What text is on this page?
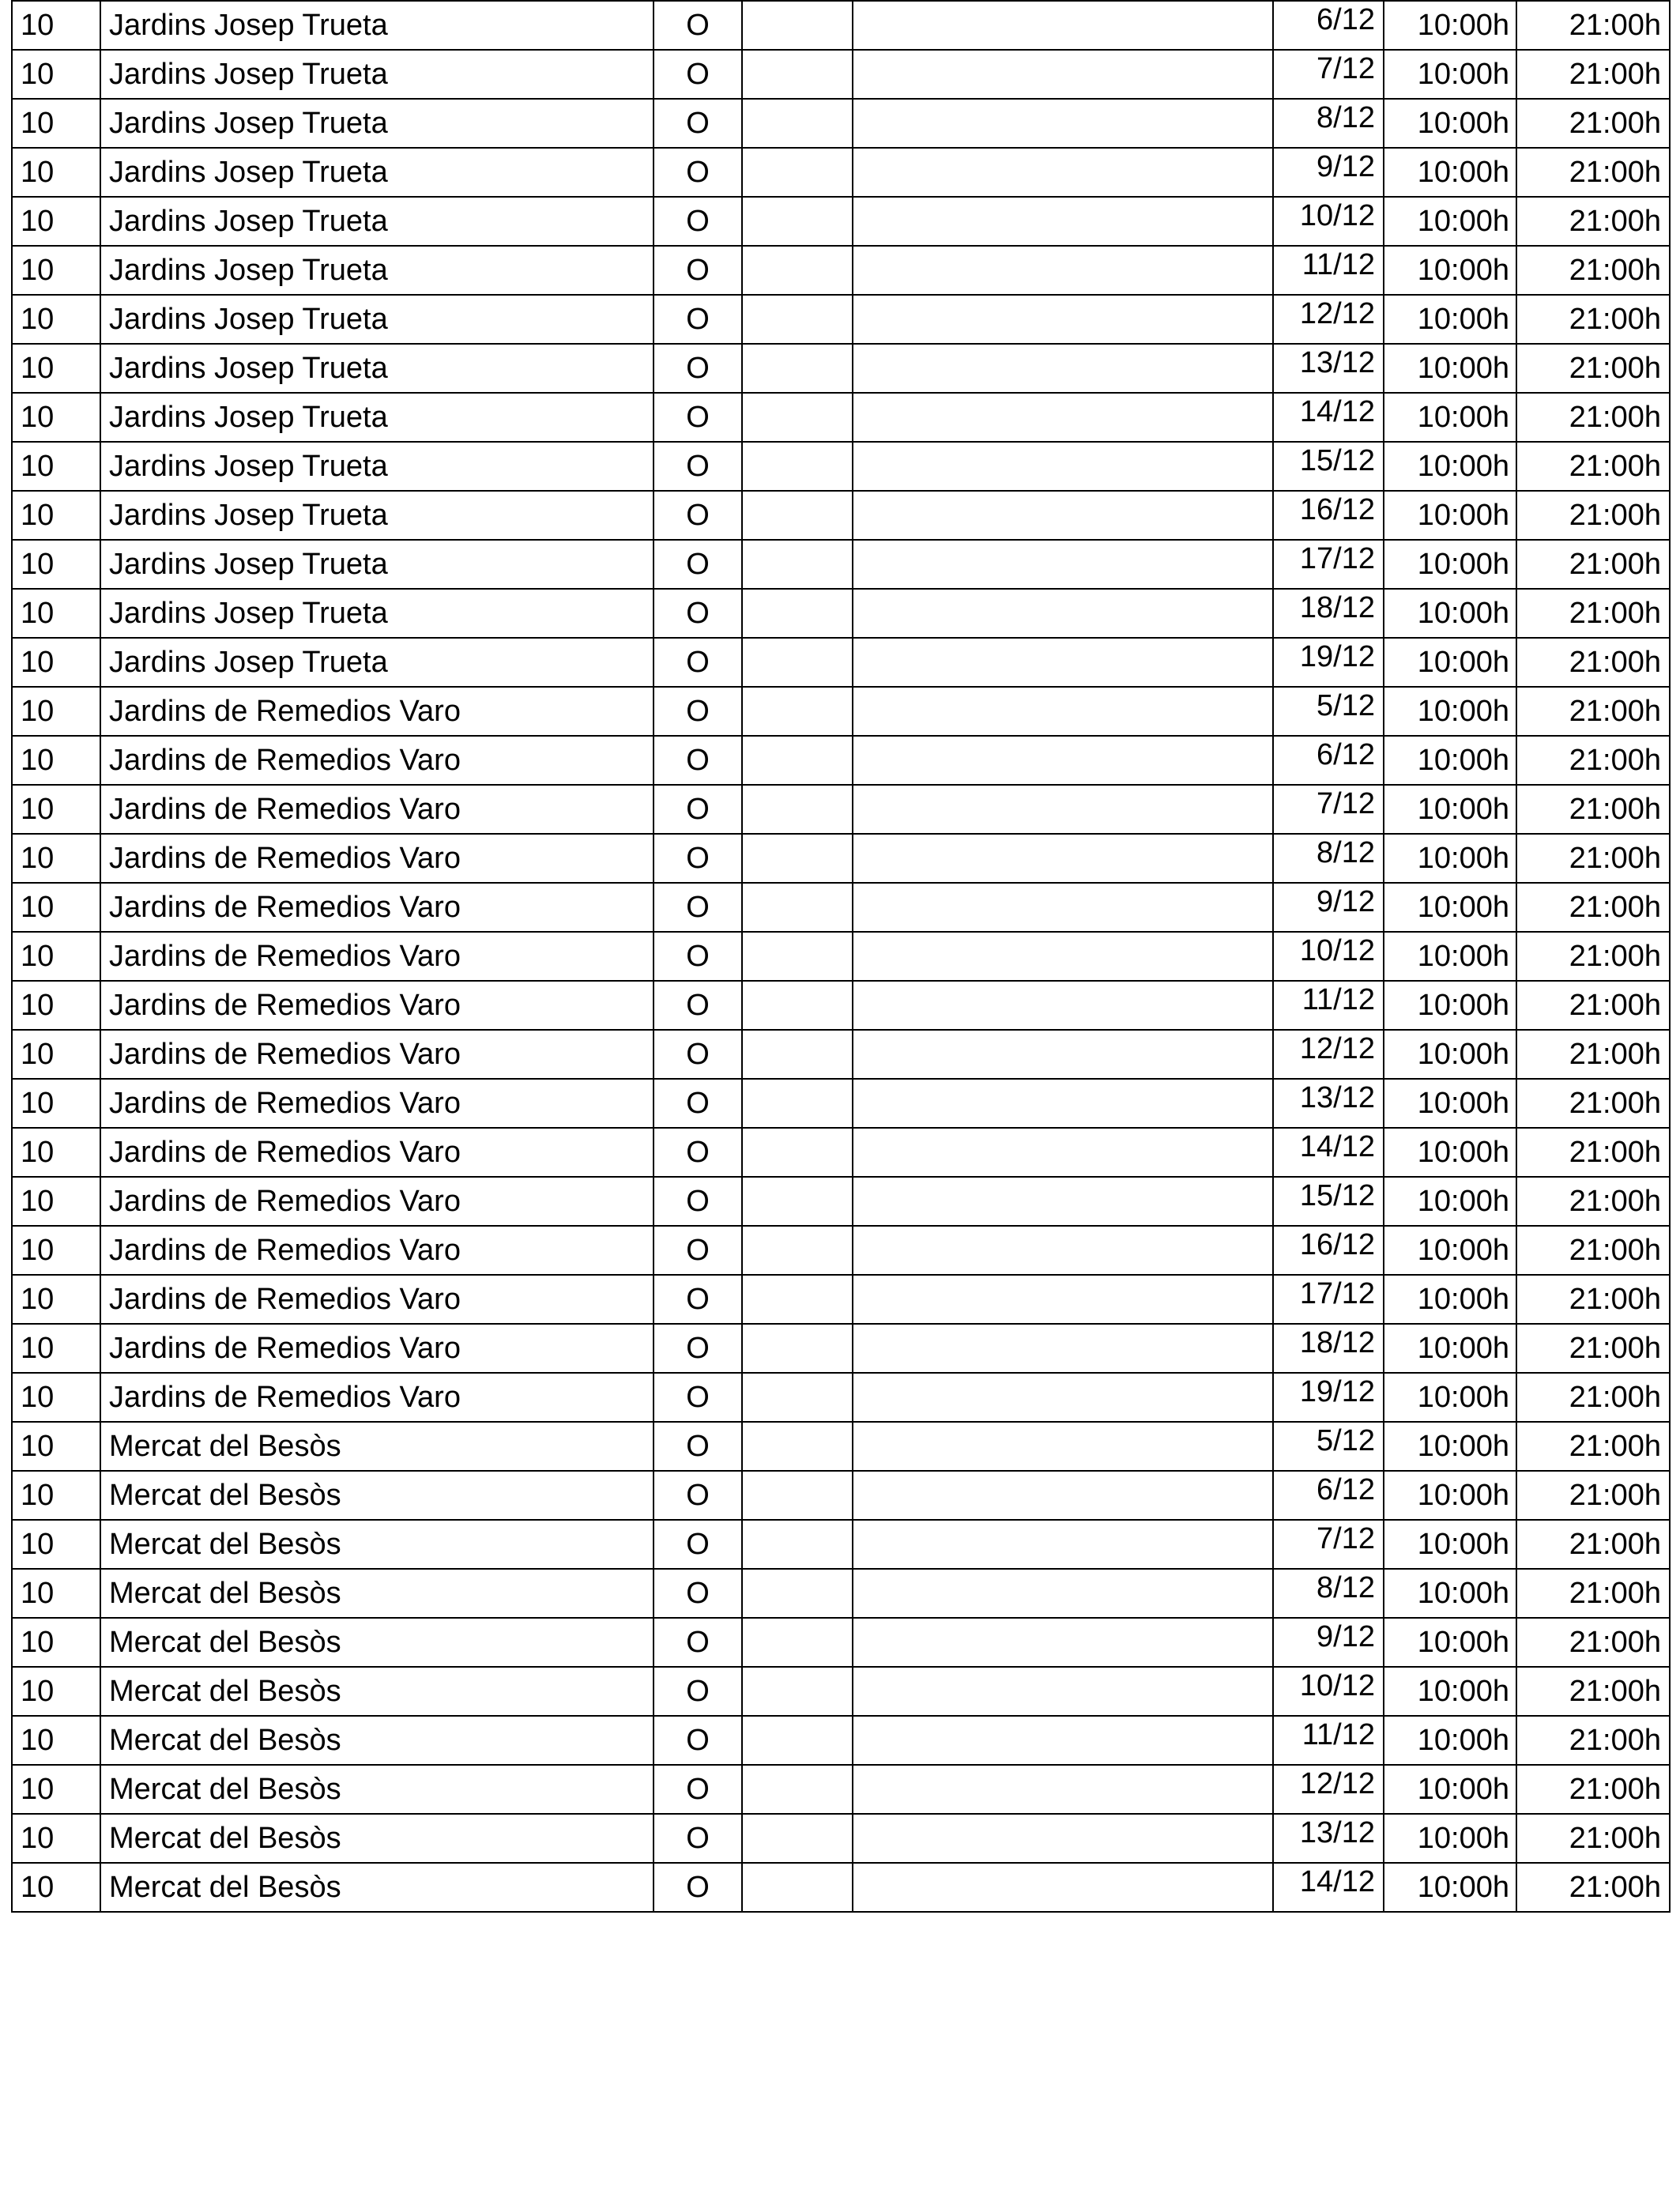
10	Jardins Josep Trueta	O			6/12	10:00h	21:00h
10	Jardins Josep Trueta	O			7/12	10:00h	21:00h
10	Jardins Josep Trueta	O			8/12	10:00h	21:00h
10	Jardins Josep Trueta	O			9/12	10:00h	21:00h
10	Jardins Josep Trueta	O			10/12	10:00h	21:00h
10	Jardins Josep Trueta	O			11/12	10:00h	21:00h
10	Jardins Josep Trueta	O			12/12	10:00h	21:00h
10	Jardins Josep Trueta	O			13/12	10:00h	21:00h
10	Jardins Josep Trueta	O			14/12	10:00h	21:00h
10	Jardins Josep Trueta	O			15/12	10:00h	21:00h
10	Jardins Josep Trueta	O			16/12	10:00h	21:00h
10	Jardins Josep Trueta	O			17/12	10:00h	21:00h
10	Jardins Josep Trueta	O			18/12	10:00h	21:00h
10	Jardins Josep Trueta	O			19/12	10:00h	21:00h
10	Jardins de Remedios Varo	O			5/12	10:00h	21:00h
10	Jardins de Remedios Varo	O			6/12	10:00h	21:00h
10	Jardins de Remedios Varo	O			7/12	10:00h	21:00h
10	Jardins de Remedios Varo	O			8/12	10:00h	21:00h
10	Jardins de Remedios Varo	O			9/12	10:00h	21:00h
10	Jardins de Remedios Varo	O			10/12	10:00h	21:00h
10	Jardins de Remedios Varo	O			11/12	10:00h	21:00h
10	Jardins de Remedios Varo	O			12/12	10:00h	21:00h
10	Jardins de Remedios Varo	O			13/12	10:00h	21:00h
10	Jardins de Remedios Varo	O			14/12	10:00h	21:00h
10	Jardins de Remedios Varo	O			15/12	10:00h	21:00h
10	Jardins de Remedios Varo	O			16/12	10:00h	21:00h
10	Jardins de Remedios Varo	O			17/12	10:00h	21:00h
10	Jardins de Remedios Varo	O			18/12	10:00h	21:00h
10	Jardins de Remedios Varo	O			19/12	10:00h	21:00h
10	Mercat del Besòs	O			5/12	10:00h	21:00h
10	Mercat del Besòs	O			6/12	10:00h	21:00h
10	Mercat del Besòs	O			7/12	10:00h	21:00h
10	Mercat del Besòs	O			8/12	10:00h	21:00h
10	Mercat del Besòs	O			9/12	10:00h	21:00h
10	Mercat del Besòs	O			10/12	10:00h	21:00h
10	Mercat del Besòs	O			11/12	10:00h	21:00h
10	Mercat del Besòs	O			12/12	10:00h	21:00h
10	Mercat del Besòs	O			13/12	10:00h	21:00h
10	Mercat del Besòs	O			14/12	10:00h	21:00h
